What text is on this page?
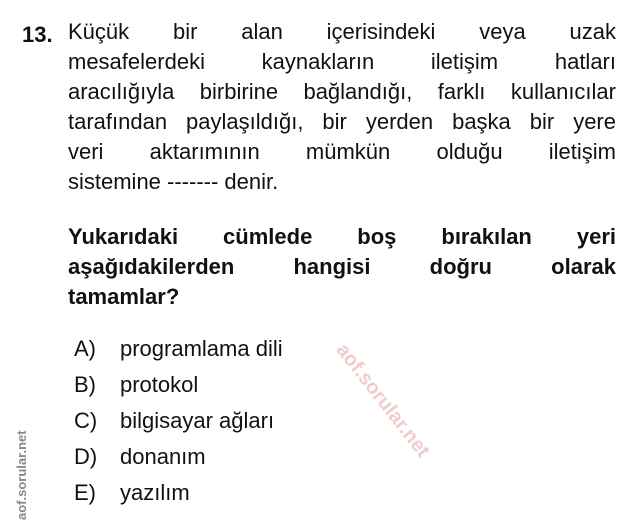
13. Küçük bir alan içerisindeki veya uzak
mesafelerdeki kaynakların iletişim hatları
aracılığıyla birbirine bağlandığı, farklı kullanıcılar
tarafından paylaşıldığı, bir yerden başka bir yere
veri aktarımının mümkün olduğu iletişim
sistemine ------- denir.
Yukarıdaki cümlede boş bırakılan yeri
aşağıdakilerden hangisi doğru olarak
tamamlar?
A)	programlama dili
B)	protokol
C)	bilgisayar ağları
D)	donanım
E)	yazılım
aof.sorular.net
aof.sorular.net
